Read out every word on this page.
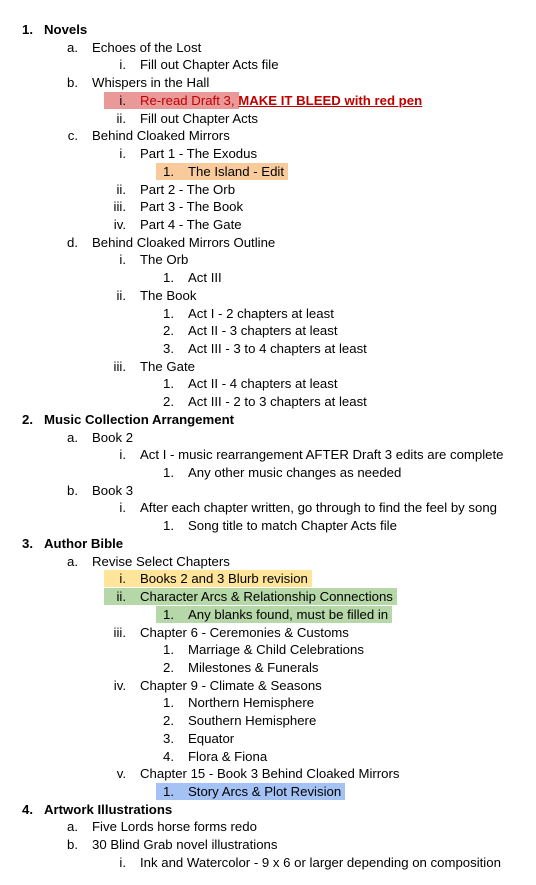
1. Novels
a. Echoes of the Lost
i. Fill out Chapter Acts file
b. Whispers in the Hall
i. Re-read Draft 3, MAKE IT BLEED with red pen
ii. Fill out Chapter Acts
c. Behind Cloaked Mirrors
i. Part 1 - The Exodus
1. The Island - Edit
ii. Part 2 - The Orb
iii. Part 3 - The Book
iv. Part 4 - The Gate
d. Behind Cloaked Mirrors Outline
i. The Orb
1. Act III
ii. The Book
1. Act I - 2 chapters at least
2. Act II - 3 chapters at least
3. Act III - 3 to 4 chapters at least
iii. The Gate
1. Act II - 4 chapters at least
2. Act III - 2 to 3 chapters at least
2. Music Collection Arrangement
a. Book 2
i. Act I - music rearrangement AFTER Draft 3 edits are complete
1. Any other music changes as needed
b. Book 3
i. After each chapter written, go through to find the feel by song
1. Song title to match Chapter Acts file
3. Author Bible
a. Revise Select Chapters
i. Books 2 and 3 Blurb revision
ii. Character Arcs & Relationship Connections
1. Any blanks found, must be filled in
iii. Chapter 6 - Ceremonies & Customs
1. Marriage & Child Celebrations
2. Milestones & Funerals
iv. Chapter 9 - Climate & Seasons
1. Northern Hemisphere
2. Southern Hemisphere
3. Equator
4. Flora & Fiona
v. Chapter 15 - Book 3 Behind Cloaked Mirrors
1. Story Arcs & Plot Revision
4. Artwork Illustrations
a. Five Lords horse forms redo
b. 30 Blind Grab novel illustrations
i. Ink and Watercolor - 9 x 6 or larger depending on composition
